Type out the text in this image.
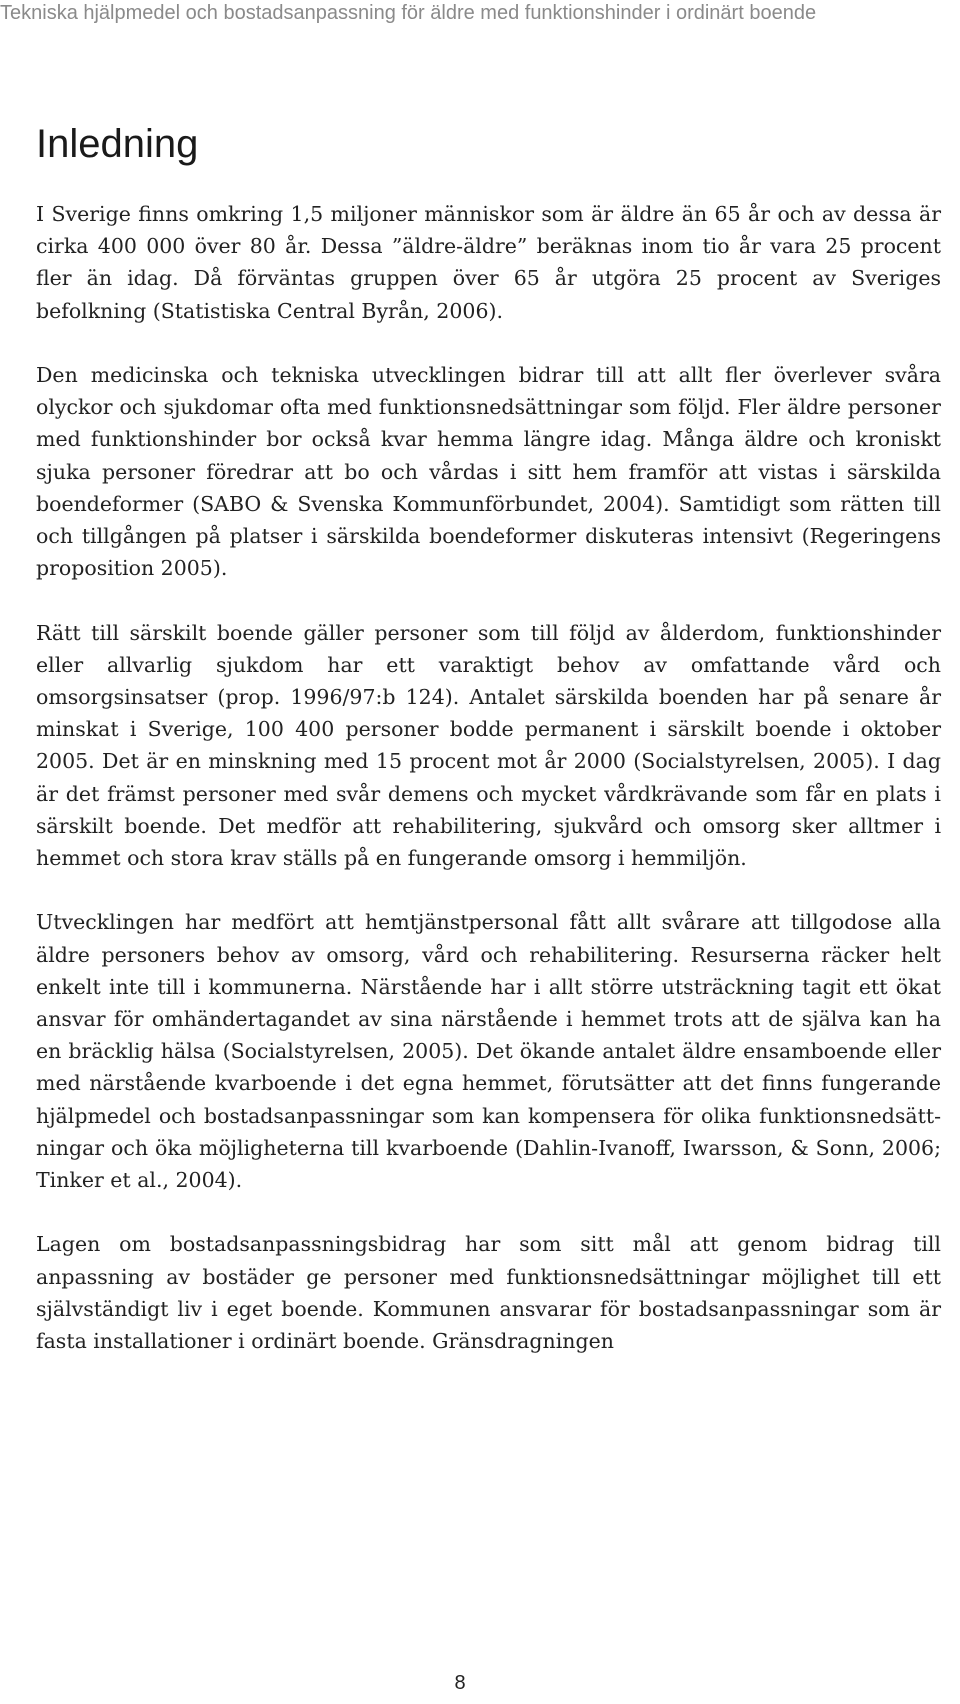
Tekniska hjälpmedel och bostadsanpassning för äldre med funktionshinder i ordinärt boende
Inledning

I Sverige finns omkring 1,5 miljoner människor som är äldre än 65 år och av dessa är cirka 400 000 över 80 år. Dessa ”äldre-äldre” beräknas inom tio år vara 25 procent fler än idag. Då förväntas gruppen över 65 år utgöra 25 procent av Sveriges befolkning (Statistiska Central Byrån, 2006).

Den medicinska och tekniska utvecklingen bidrar till att allt fler överlever svåra olyckor och sjukdomar ofta med funktionsnedsättningar som följd. Fler äldre personer med funktionshinder bor också kvar hemma längre idag. Många äldre och kroniskt sjuka personer föredrar att bo och vårdas i sitt hem framför att vistas i särskilda boendeformer (SABO & Svenska Kommunförbundet, 2004). Samtidigt som rätten till och tillgången på platser i särskilda boendeformer diskuteras intensivt (Regeringens proposition 2005).

Rätt till särskilt boende gäller personer som till följd av ålderdom, funktionshinder eller allvarlig sjukdom har ett varaktigt behov av omfattande vård och omsorgsinsatser (prop. 1996/97:b 124). Antalet särskilda boenden har på senare år minskat i Sverige, 100 400 personer bodde permanent i särskilt boende i oktober 2005. Det är en minskning med 15 procent mot år 2000 (Socialstyrelsen, 2005). I dag är det främst personer med svår demens och mycket vårdkrävande som får en plats i särskilt boende. Det medför att rehabilitering, sjukvård och omsorg sker alltmer i hemmet och stora krav ställs på en fungerande omsorg i hemmiljön.

Utvecklingen har medfört att hemtjänstpersonal fått allt svårare att tillgodose alla äldre personers behov av omsorg, vård och rehabilitering. Resurserna räcker helt enkelt inte till i kommunerna. Närstående har i allt större utsträckning tagit ett ökat ansvar för omhändertagandet av sina närstående i hemmet trots att de själva kan ha en bräcklig hälsa (Socialstyrelsen, 2005). Det ökande antalet äldre ensamboende eller med närstående kvarboende i det egna hemmet, förutsätter att det finns fungerande hjälpmedel och bostadsanpassningar som kan kompensera för olika funktionsnedsättningar och öka möjligheterna till kvarboende (Dahlin-Ivanoff, Iwarsson, & Sonn, 2006; Tinker et al., 2004).

Lagen om bostadsanpassningsbidrag har som sitt mål att genom bidrag till anpassning av bostäder ge personer med funktionsnedsättningar möjlighet till ett självständigt liv i eget boende. Kommunen ansvarar för bostadsanpassningar som är fasta installationer i ordinärt boende. Gränsdragningen

8
